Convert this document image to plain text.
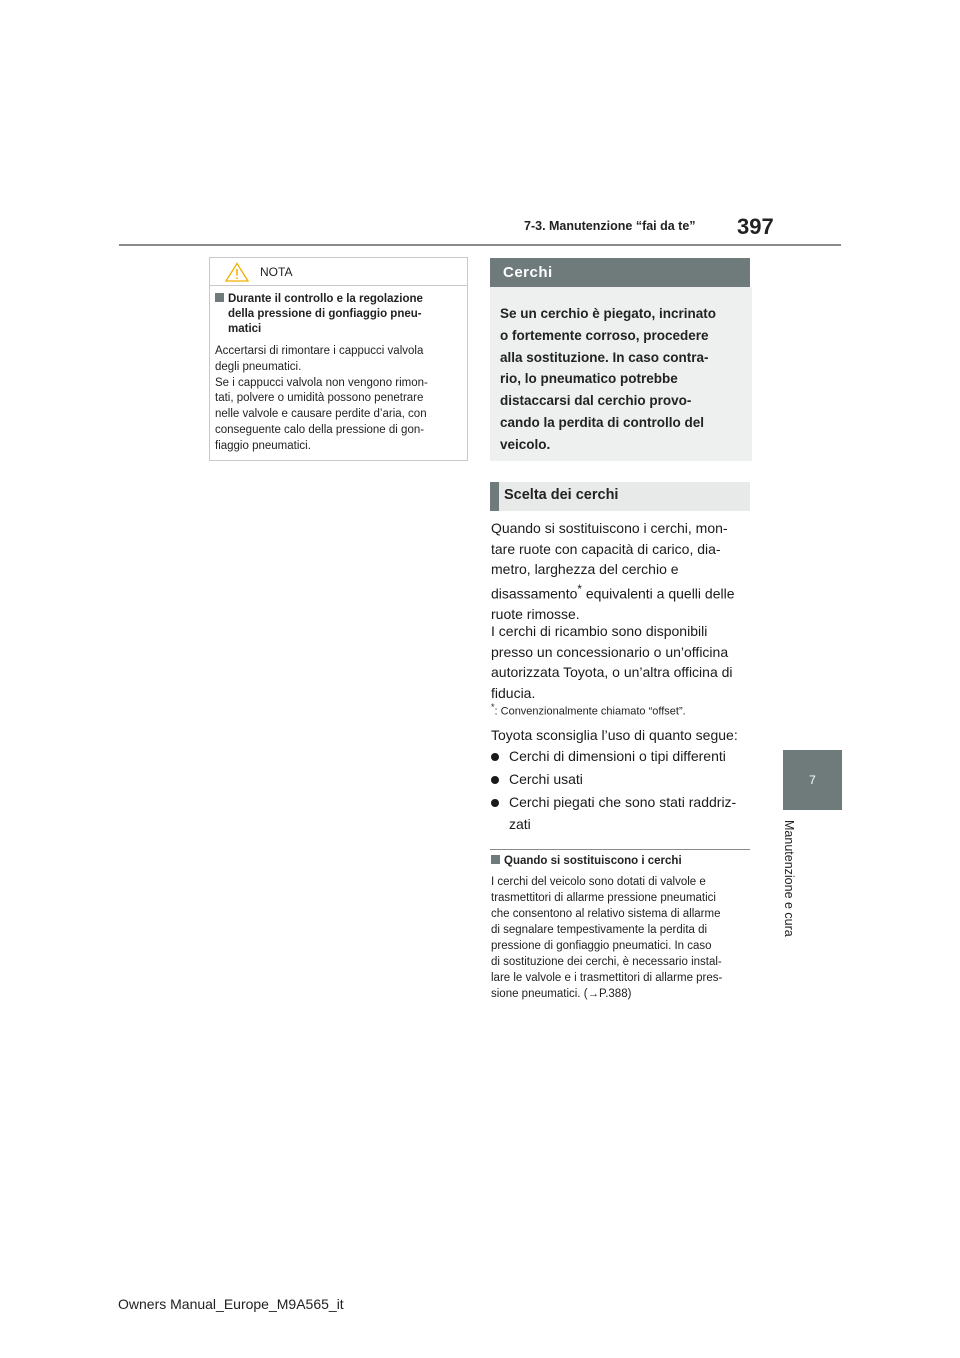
7-3. Manutenzione “fai da te” 397
7
Manutenzione e cura
NOTA
Durante il controllo e la regolazione
della pressione di gonfiaggio pneu-
matici
Accertarsi di rimontare i cappucci valvola
degli pneumatici.
Se i cappucci valvola non vengono rimon-
tati, polvere o umidità possono penetrare
nelle valvole e causare perdite d’aria, con
conseguente calo della pressione di gon-
fiaggio pneumatici.
Cerchi
Se un cerchio è piegato, incrinato
o fortemente corroso, procedere
alla sostituzione. In caso contra-
rio, lo pneumatico potrebbe
distaccarsi dal cerchio provo-
cando la perdita di controllo del
veicolo.
Scelta dei cerchi
Quando si sostituiscono i cerchi, mon-
tare ruote con capacità di carico, dia-
metro, larghezza del cerchio e
disassamento* equivalenti a quelli delle
ruote rimosse.
I cerchi di ricambio sono disponibili
presso un concessionario o un’officina
autorizzata Toyota, o un’altra officina di
fiducia.
*: Convenzionalmente chiamato “offset”.
Toyota sconsiglia l’uso di quanto segue:
Cerchi di dimensioni o tipi differenti
Cerchi usati
Cerchi piegati che sono stati raddriz-
zati
Quando si sostituiscono i cerchi
I cerchi del veicolo sono dotati di valvole e
trasmettitori di allarme pressione pneumatici
che consentono al relativo sistema di allarme
di segnalare tempestivamente la perdita di
pressione di gonfiaggio pneumatici. In caso
di sostituzione dei cerchi, è necessario instal-
lare le valvole e i trasmettitori di allarme pres-
sione pneumatici. (→P.388)
Owners Manual_Europe_M9A565_it
